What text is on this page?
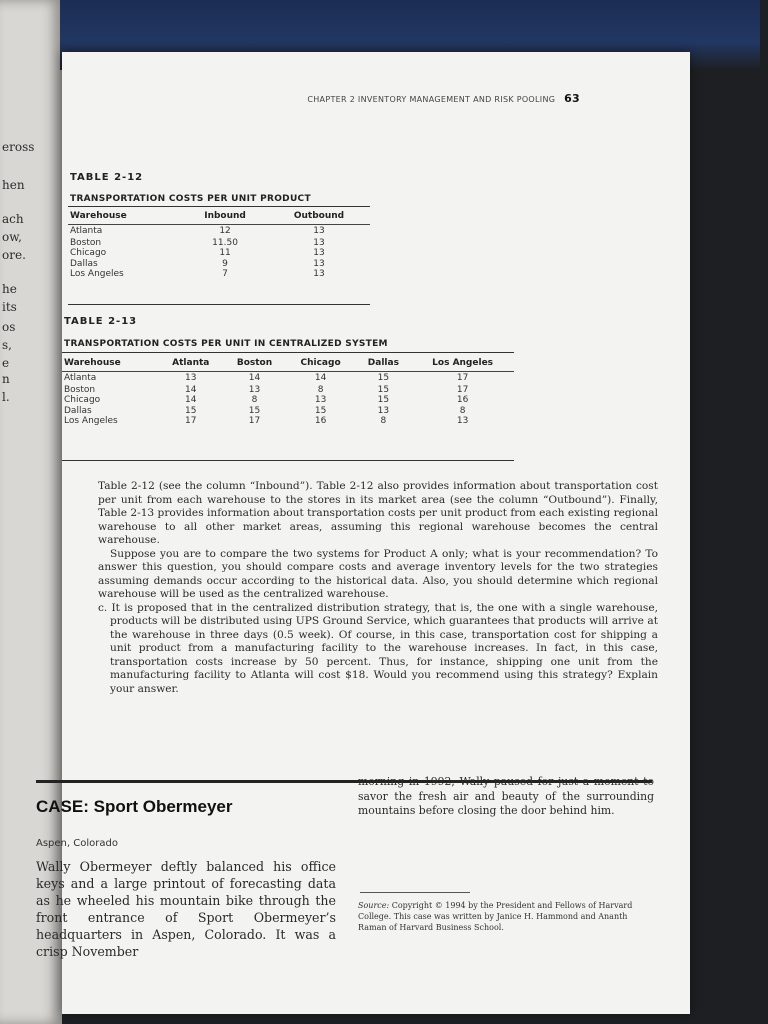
eross
hen
ach
ow,
ore.
he
its
os
s,
e
n
l.
CHAPTER 2 INVENTORY MANAGEMENT AND RISK POOLING 63
TABLE 2-12
TRANSPORTATION COSTS PER UNIT PRODUCT
Warehouse	Inbound	Outbound
Atlanta	12	13
Boston	11.50	13
Chicago	11	13
Dallas	9	13
Los Angeles	7	13
TABLE 2-13
TRANSPORTATION COSTS PER UNIT IN CENTRALIZED SYSTEM
Warehouse	Atlanta	Boston	Chicago	Dallas	Los Angeles
Atlanta	13	14	14	15	17
Boston	14	13	8	15	17
Chicago	14	8	13	15	16
Dallas	15	15	15	13	8
Los Angeles	17	17	16	8	13

Table 2-12 (see the column “Inbound”). Table 2-12 also provides information about transportation cost per unit from each warehouse to the stores in its market area (see the column “Outbound”). Finally, Table 2-13 provides information about transportation costs per unit product from each existing regional warehouse to all other market areas, assuming this regional warehouse becomes the central warehouse.

Suppose you are to compare the two systems for Product A only; what is your recommendation? To answer this question, you should compare costs and average inventory levels for the two strategies assuming demands occur according to the historical data. Also, you should determine which regional warehouse will be used as the centralized warehouse.

c. It is proposed that in the centralized distribution strategy, that is, the one with a single warehouse, products will be distributed using UPS Ground Service, which guarantees that products will arrive at the warehouse in three days (0.5 week). Of course, in this case, transportation cost for shipping a unit product from a manufacturing facility to the warehouse increases. In fact, in this case, transportation costs increase by 50 percent. Thus, for instance, shipping one unit from the manufacturing facility to Atlanta will cost $18. Would you recommend using this strategy? Explain your answer.

CASE: Sport Obermeyer
Aspen, Colorado
Wally Obermeyer deftly balanced his office keys and a large printout of forecasting data as he wheeled his mountain bike through the front entrance of Sport Obermeyer’s headquarters in Aspen, Colorado. It was a crisp November
morning in 1992; Wally paused for just a moment to savor the fresh air and beauty of the surrounding mountains before closing the door behind him.
Source: Copyright © 1994 by the President and Fellows of Harvard College. This case was written by Janice H. Hammond and Ananth Raman of Harvard Business School.
